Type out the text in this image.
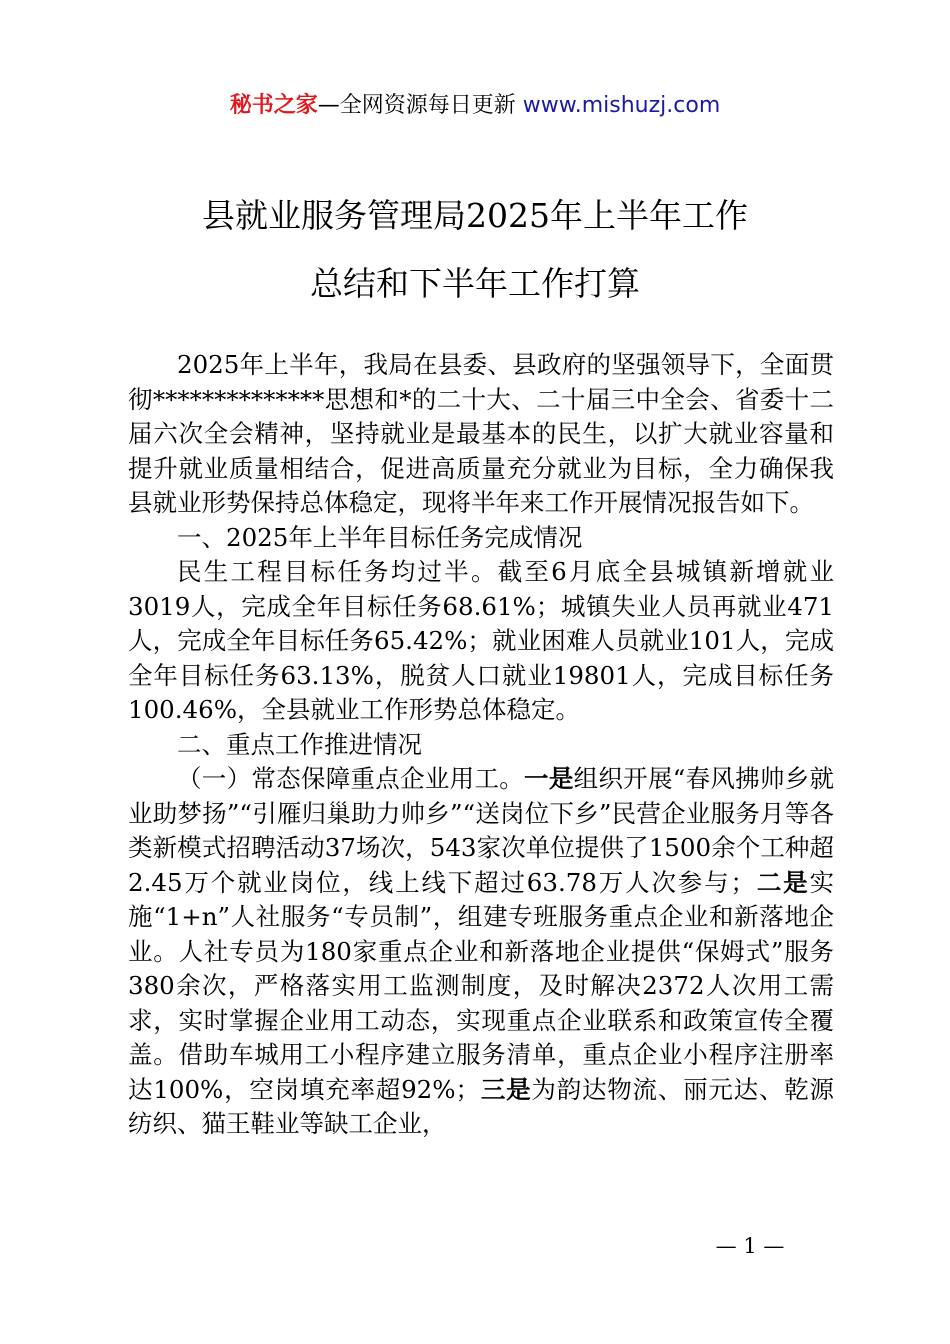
秘书之家—全网资源每日更新 www.mishuzj.com
县就业服务管理局2025年上半年工作
总结和下半年工作打算

2025年上半年，我局在县委、县政府的坚强领导下，全面贯彻**************思想和*的二十大、二十届三中全会、省委十二届六次全会精神，坚持就业是最基本的民生，以扩大就业容量和提升就业质量相结合，促进高质量充分就业为目标，全力确保我县就业形势保持总体稳定，现将半年来工作开展情况报告如下。

一、2025年上半年目标任务完成情况

民生工程目标任务均过半。截至6月底全县城镇新增就业3019人，完成全年目标任务68.61%；城镇失业人员再就业471人，完成全年目标任务65.42%；就业困难人员就业101人，完成全年目标任务63.13%，脱贫人口就业19801人，完成目标任务100.46%，全县就业工作形势总体稳定。

二、重点工作推进情况

（一）常态保障重点企业用工。一是组织开展“春风拂帅乡就业助梦扬”“引雁归巢助力帅乡”“送岗位下乡”民营企业服务月等各类新模式招聘活动37场次，543家次单位提供了1500余个工种超2.45万个就业岗位，线上线下超过63.78万人次参与；二是实施“1+n”人社服务“专员制”，组建专班服务重点企业和新落地企业。人社专员为180家重点企业和新落地企业提供“保姆式”服务380余次，严格落实用工监测制度，及时解决2372人次用工需求，实时掌握企业用工动态，实现重点企业联系和政策宣传全覆盖。借助车城用工小程序建立服务清单，重点企业小程序注册率达100%，空岗填充率超92%；三是为韵达物流、丽元达、乾源纺织、猫王鞋业等缺工企业，

— 1 —
